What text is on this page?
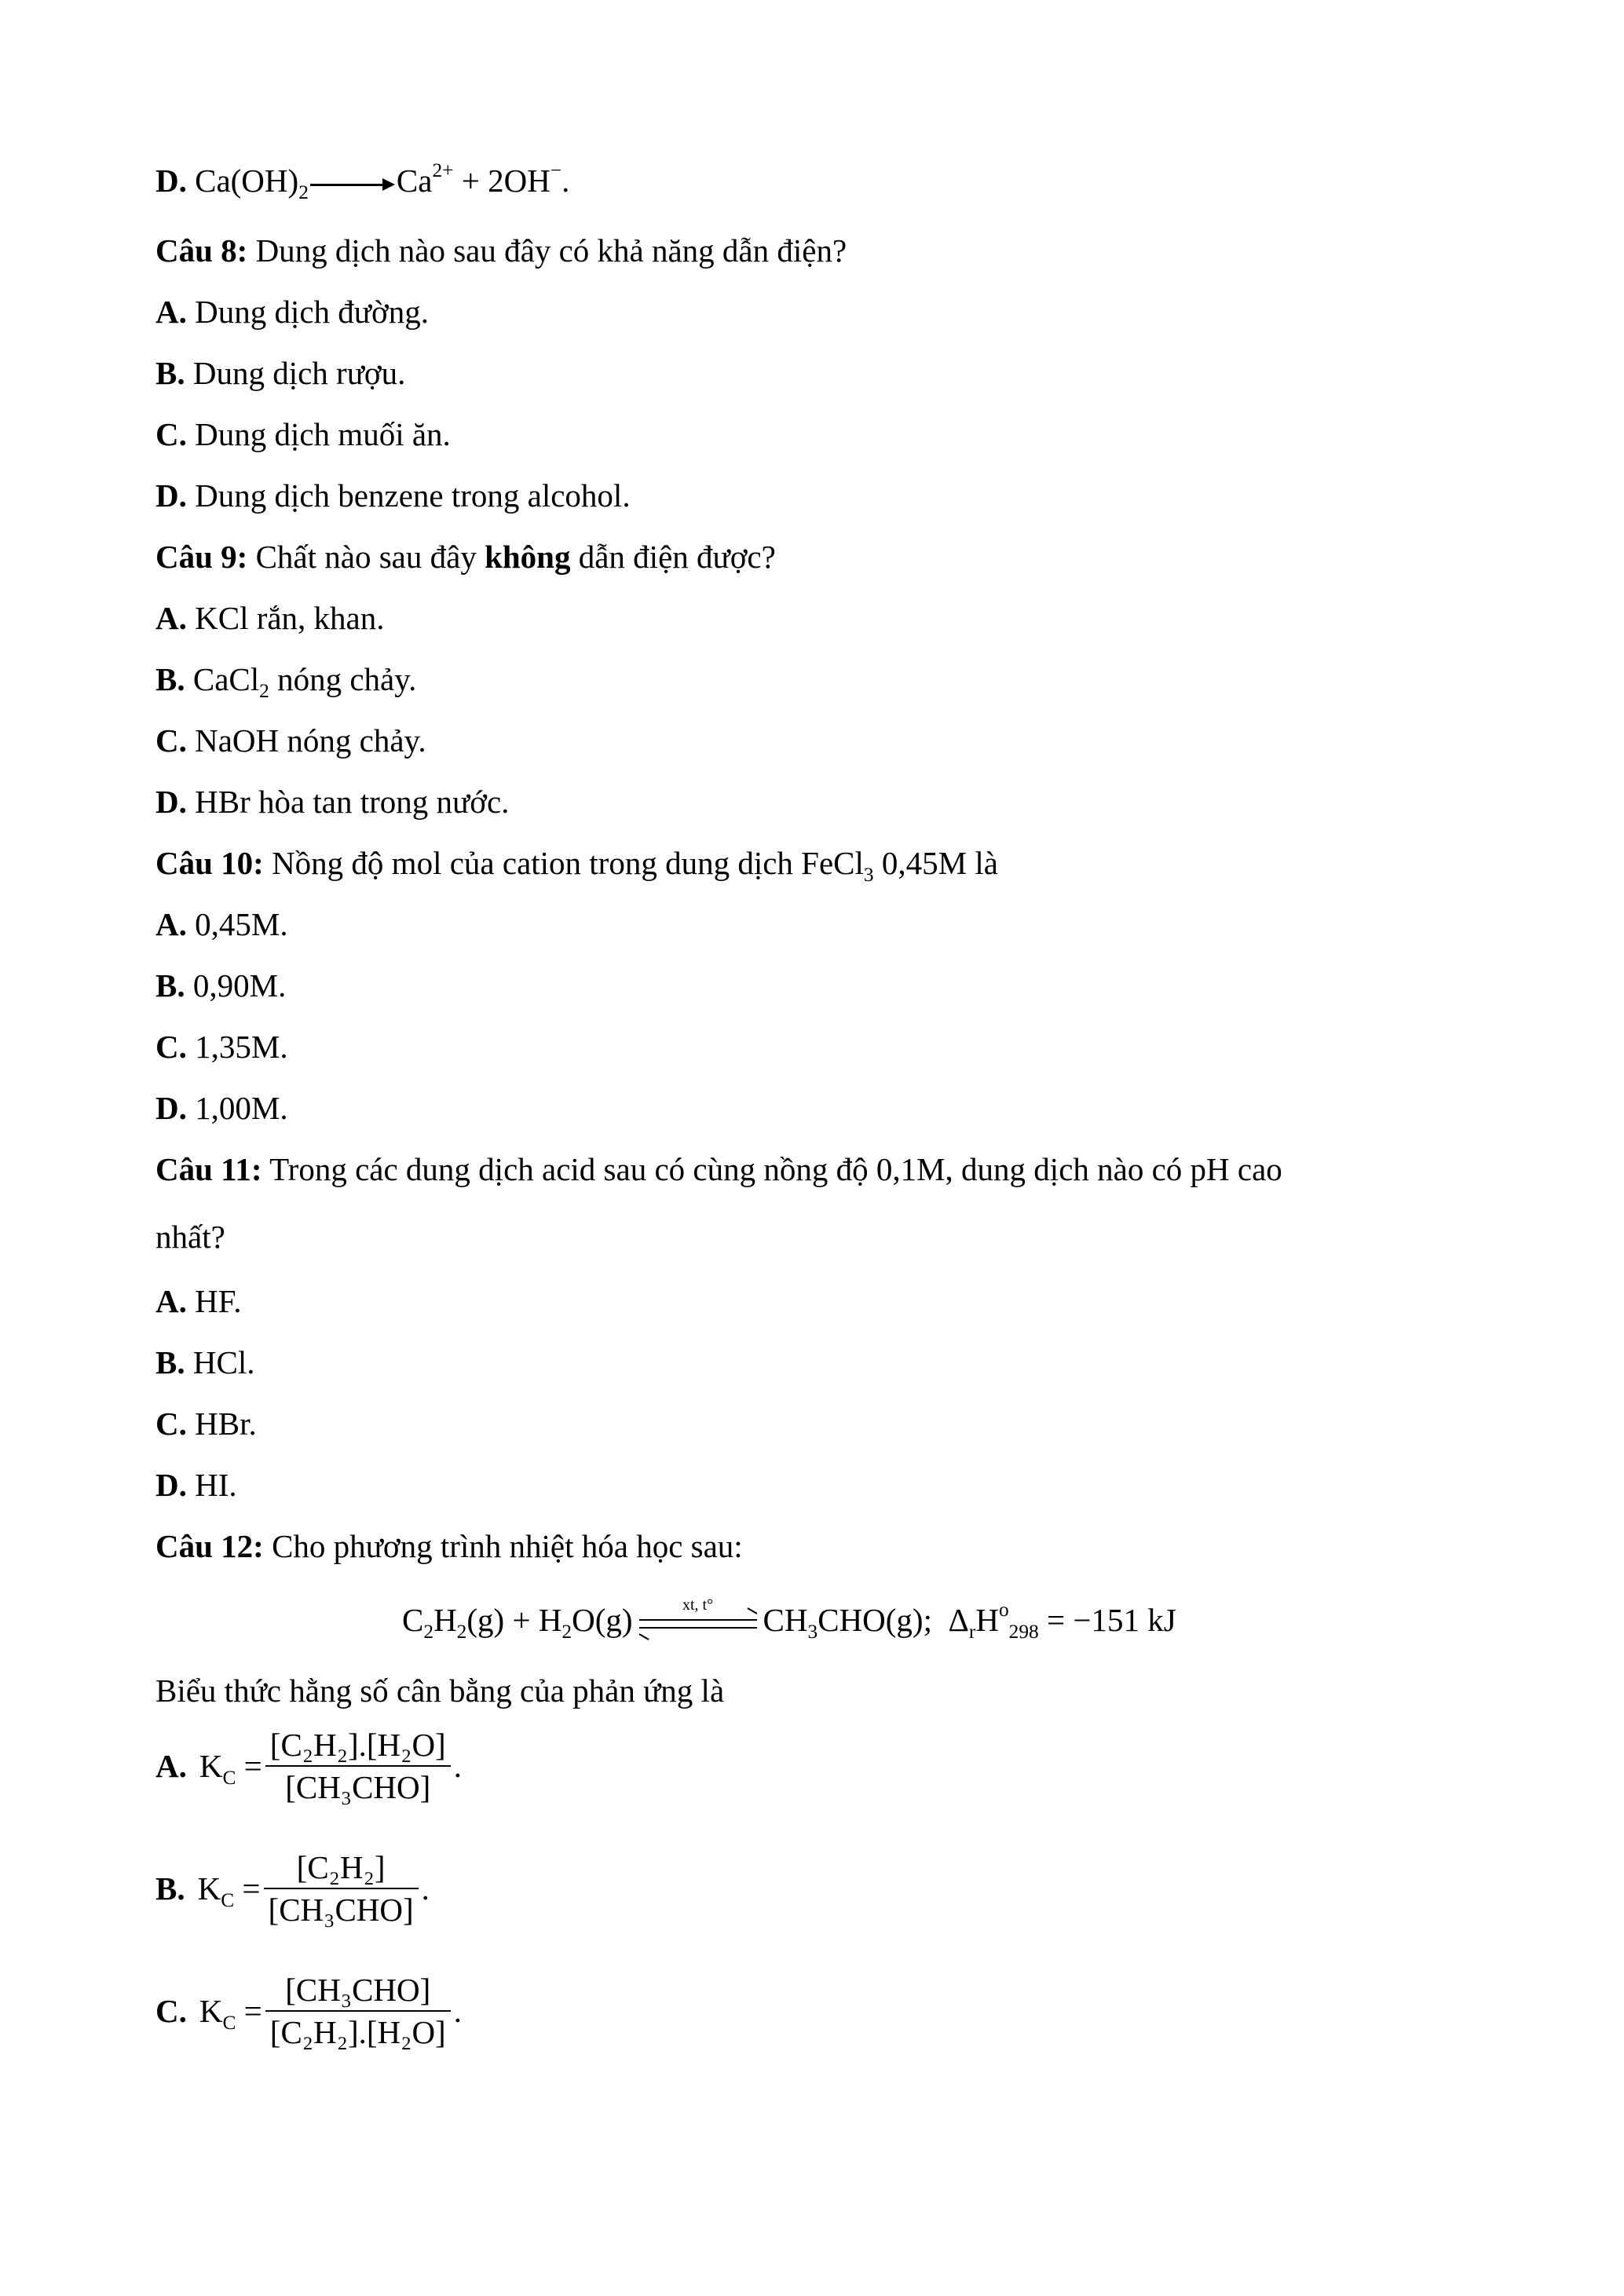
D. $Ca(OH)_2$	$Ca^{2+} + 2OH^-$.
Câu 8: Dung dịch nào sau đây có khả năng dẫn điện?
A. Dung dịch đường.
B. Dung dịch rượu.
C. Dung dịch muối ăn.
D. Dung dịch benzene trong alcohol.
Câu 9: Chất nào sau đây không dẫn điện được?
A. KCl rắn, khan.
B. CaCl$_2$ nóng chảy.
C. NaOH nóng chảy.
D. HBr hòa tan trong nước.
Câu 10: Nồng độ mol của cation trong dung dịch FeCl$_3$ 0,45M là
A. 0,45M.
B. 0,90M.
C. 1,35M.
D. 1,00M.
Câu 11: Trong các dung dịch acid sau có cùng nồng độ 0,1M, dung dịch nào có pH cao
nhất?
A. HF.
B. HCl.
C. HBr.
D. HI.
Câu 12: Cho phương trình nhiệt hóa học sau:
$C_2H_2(g) + H_2O(g)$	xt, t°	$CH_3CHO(g)$; $\Delta_rH^o_{298} = -151$ kJ
Biểu thức hằng số cân bằng của phản ứng là
A. $K_C = \frac{\text{[C₂H₂].[H₂O]}}{\text{[CH₃CHO]}}$ .
B. $K_C = \frac{\text{[C₂H₂]}}{\text{[CH₃CHO]}}$ .
C. $K_C = \frac{\text{[CH₃CHO]}}{\text{[C₂H₂].[H₂O]}}$ .
